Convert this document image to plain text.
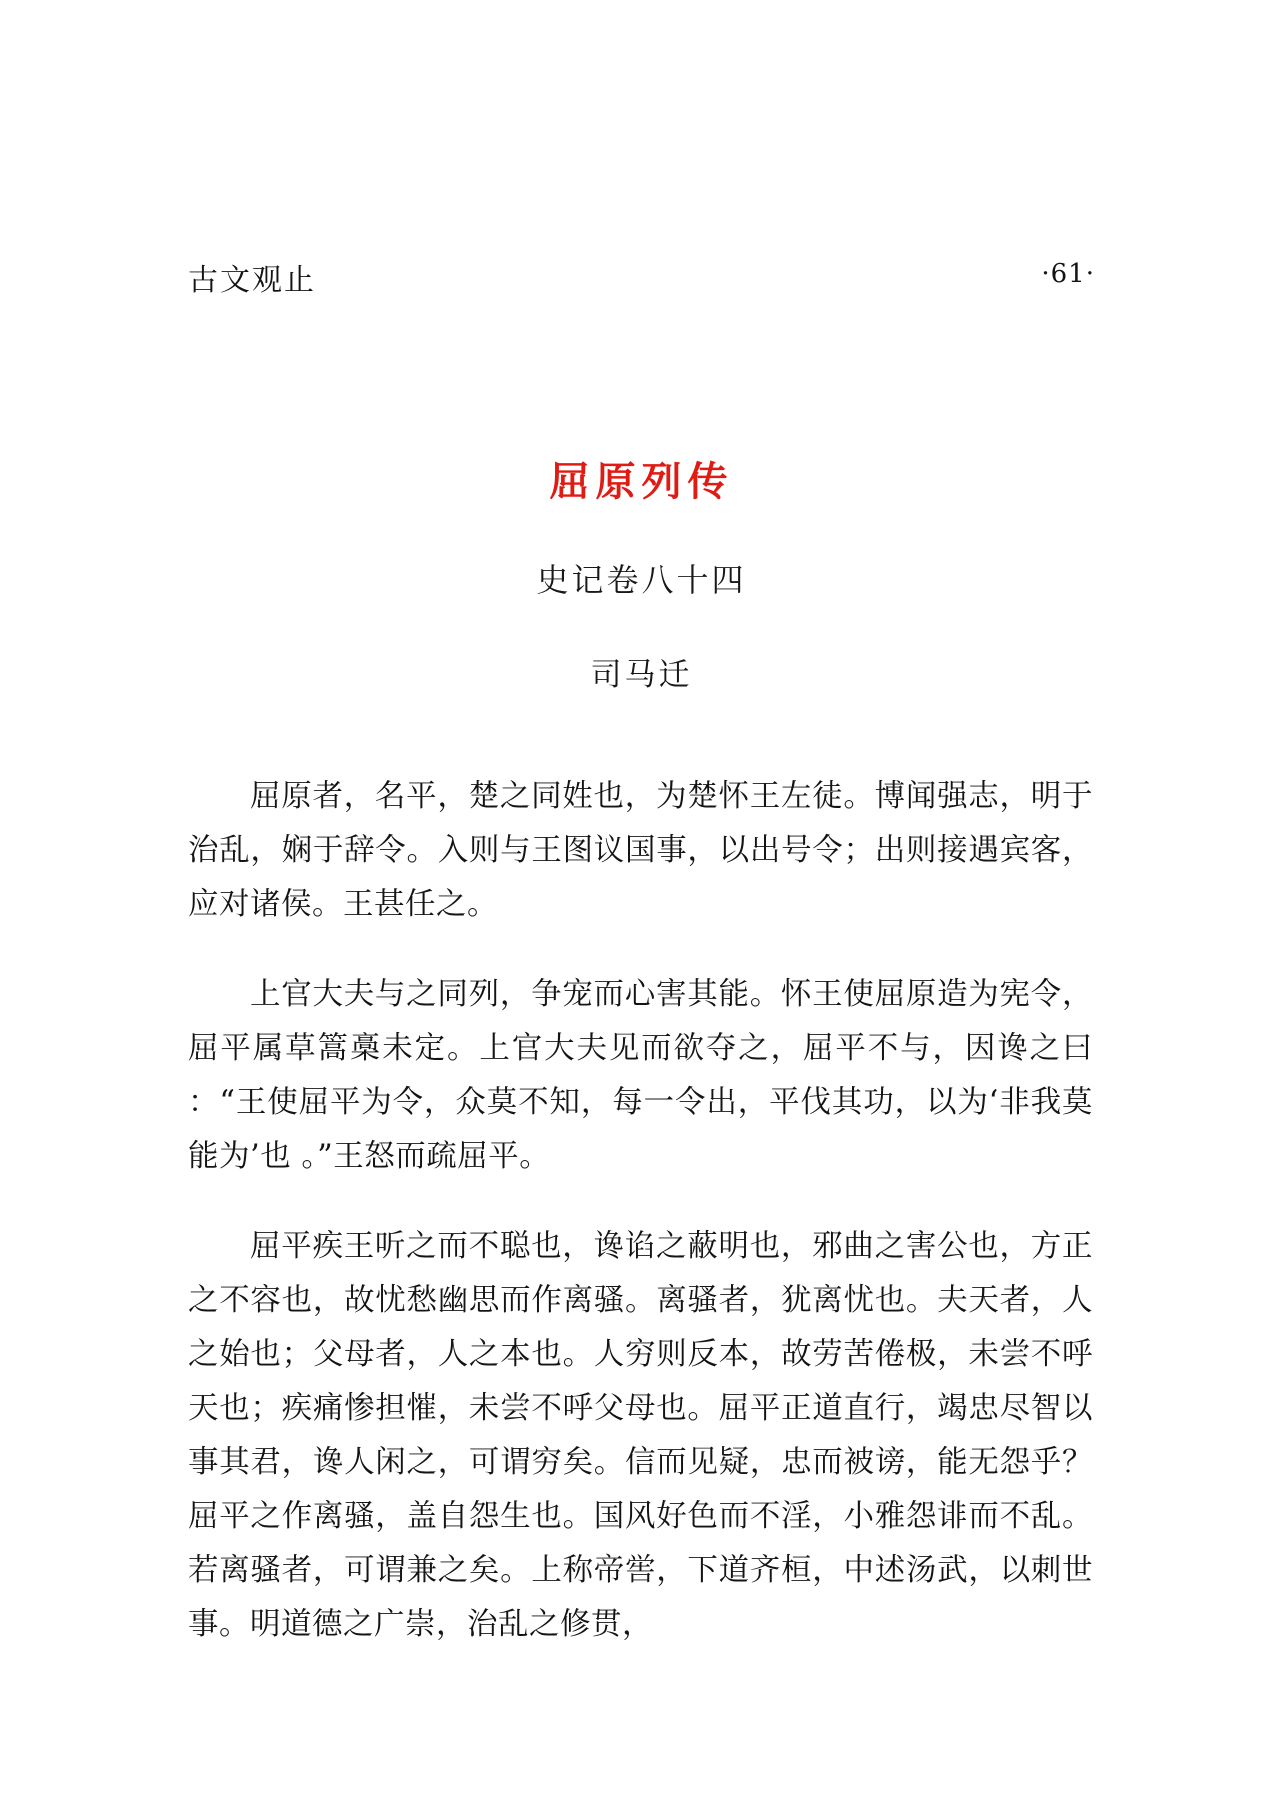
古文观止	·61·
屈原列传
史记卷八十四
司马迁

屈原者，名平，楚之同姓也，为楚怀王左徒。博闻强志，明于治乱，娴于辞令。入则与王图议国事，以出号令；出则接遇宾客，应对诸侯。王甚任之。

上官大夫与之同列，争宠而心害其能。怀王使屈原造为宪令，屈平属草篙槀未定。上官大夫见而欲夺之，屈平不与，因谗之曰 ：“王使屈平为令，众莫不知，每一令出，平伐其功，以为‘非我莫能为’也 。”王怒而疏屈平。

屈平疾王听之而不聪也，谗谄之蔽明也，邪曲之害公也，方正之不容也，故忧愁幽思而作离骚。离骚者，犹离忧也。夫天者，人之始也；父母者，人之本也。人穷则反本，故劳苦倦极，未尝不呼天也；疾痛惨担慛，未尝不呼父母也。屈平正道直行，竭忠尽智以事其君，谗人闲之，可谓穷矣。信而见疑，忠而被谤，能无怨乎？屈平之作离骚，盖自怨生也。国风好色而不淫，小雅怨诽而不乱。若离骚者，可谓兼之矣。上称帝喾，下道齐桓，中述汤武，以刺世事。明道德之广崇，治乱之修贯，
